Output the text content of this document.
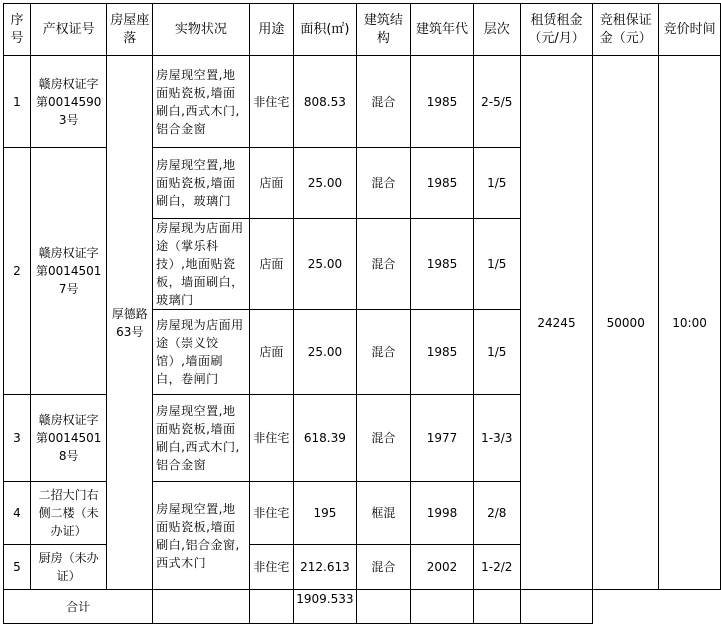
序号	产权证号	房屋座落	实物状况	用途	面积(㎡)	建筑结构	建筑年代	层次	租赁租金（元/月）	竞租保证金（元）	竞价时间
1	赣房权证字第00145903号	厚德路63号	房屋现空置,地面贴瓷板,墙面刷白,西式木门,铝合金窗	非住宅	808.53	混合	1985	2-5/5	24245	50000	10:00
2	赣房权证字第00145017号		房屋现空置,地面贴瓷板,墙面刷白，玻璃门	店面	25.00	混合	1985	1/5			
			房屋现为店面用途（掌乐科技）,地面贴瓷板，墙面刷白，玻璃门	店面	25.00	混合	1985	1/5			
			房屋现为店面用途（崇义饺馆）,墙面刷白，卷闸门	店面	25.00	混合	1985	1/5			
3	赣房权证字第00145018号		房屋现空置,地面贴瓷板,墙面刷白,西式木门,铝合金窗	非住宅	618.39	混合	1977	1-3/3			
4	二招大门右侧二楼（未办证）		房屋现空置,地面贴瓷板,墙面刷白,铝合金窗,西式木门	非住宅	195	框混	1998	2/8			
5	厨房（未办证）			非住宅	212.613	混合	2002	1-2/2			
合计					1909.533						
